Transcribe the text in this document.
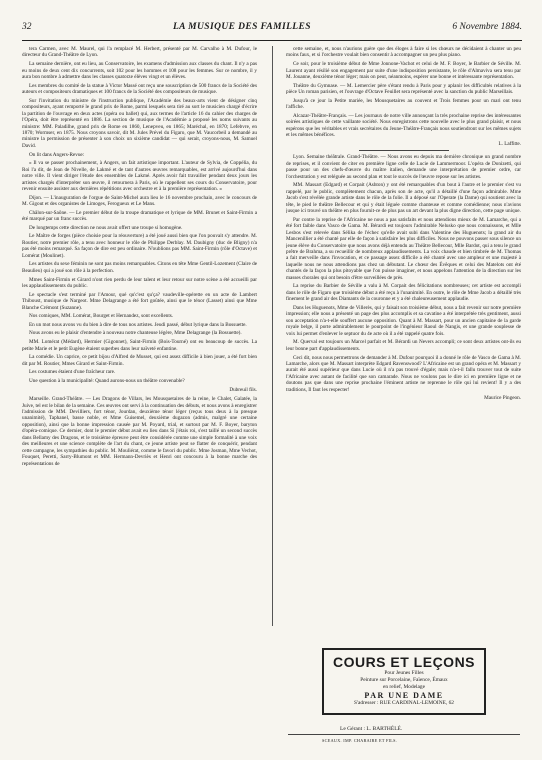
32	LA MUSIQUE DES FAMILLES	6 Novembre 1884.

tera Carmen, avec M. Maurel, qui l'a remplacé M. Herbert, présenté par M. Carvalho à M. Dufour, le directeur du Grand-Théâtre de Lyon.

La semaine dernière, ont eu lieu, au Conservatoire, les examens d'admission aux classes du chant. Il n'y a pas eu moins de deux cent dix concurrents, soit 102 pour les hommes et 108 pour les femmes. Sur ce nombre, il y aura bon nombre à admettre dans les classes quatorze élèves vingt et un élèves.

Les membres du comité de la statue à Victor Massé ont reçu une souscription de 500 francs de la Société des auteurs et compositeurs dramatiques et 100 francs de la Société des compositeurs de musique.

Sur l'invitation du ministre de l'instruction publique, l'Académie des beaux-arts vient de désigner cinq compositeurs, ayant remporté le grand prix de Rome, parmi lesquels sera tiré au sort le musicien chargé d'écrire la partition de l'ouvrage en deux actes (opéra ou ballet) qui, aux termes de l'article 16 du cahier des charges de l'Opéra, doit être représenté en 1886. La section de musique de l'Académie a proposé les noms suivants au ministre: MM. Paladilhe, grand prix de Rome en 1860, Lenepveu, en 1865; Maréchal, en 1870; Lefebvre, en 1870; Wormser, en 1875. Nous croyons savoir, dit M. Jules Prével du Figaro, que M. Vaucorbeil a demandé au ministre la permission de présenter à son choix un sixième candidat — qui serait, croyons-nous, M. Samuel David.

On lit dans Angers-Revue:

« Il va se passer prochainement, à Angers, un fait artistique important. L'auteur de Sylvia, de Coppélia, du Roi l'a dit, de Jean de Nivelle, de Lakmé et de tant d'autres œuvres remarquables, est arrivé aujourd'hui dans notre ville. Il vient diriger l'étude des ensembles de Lakmé. Après avoir fait travailler pendant deux jours les artistes chargés d'interpréter son œuvre, il retournera à Paris, où le rappellent ses cours du Conservatoire, pour revenir ensuite assister aux dernières répétitions avec orchestre et à la première représentation. »

Dijon. — L'inauguration de l'orgue de Saint-Michel aura lieu le 16 novembre prochain, avec le concours de M. Gigout et des organistes de Limoges, Ferogueux et Le Mans.

Châlon-sur-Saône. — Le premier début de la troupe dramatique et lyrique de MM. Brunet et Saint-Firmin a été marqué par un franc succès.

De longtemps cette direction ne nous avait offert une troupe si homogène.

Le Maître de forges (pièce choisie pour la réouverture) a été joué aussi bien que l'on pouvait s'y attendre. M. Routier, notre premier rôle, a tenu avec honneur le rôle de Philippe Derblay. M. Daubigny (duc de Bligny) n'a pas été moins remarqué. Sa façon de dire est peu ordinaire. N'oublions pas MM. Saint-Firmin (rôle d'Octave) et Lomérat (Moulinet).

Les artistes du sexe féminin ne sont pas moins remarquables. Citons en tête Mme Gentil-Lozement (Claire de Beaulieu) qui a joué son rôle à la perfection.

Mmes Saint-Firmin et Girard n'ont rien perdu de leur talent et leur retour sur notre scène a été accueilli par les applaudissements du public.

Le spectacle s'est terminé par l'Amour, qué qu'c'est qu'ça? vaudeville-opérette en un acte de Lambert Thiboust, musique de Nargeot. Mme Delagrange a été fort goûtée, ainsi que le ténor (Lasset) ainsi que Mme Blanche Crémont (Suzanne).

Nos comiques, MM. Lomérat, Bourget et Hernandez, sont excellents.

En un mot nous avons vu du bien à dire de tous nos artistes. Jeudi passé, début lyrique dans la Bossuette.

Nous avons eu le plaisir d'entendre à nouveau notre chanteuse légère, Mme Delagrange (la Bossuette).

MM. Lomérat (Médard), Hermier (Gigonnet), Saint-Firmin (Bois-Tourné) ont eu beaucoup de succès. La petite Marie et le petit Eugène étaient superbes dans leur naïveté enfantine.

La comédie. Un caprice, ce petit bijou d'Alfred de Musset, qui est assez difficile à bien jouer, a été fort bien dit par M. Routier, Mmes Girard et Saint-Firmin.

Les costumes étaient d'une fraîcheur rare.

Une question à la municipalité: Quand aurons-nous un théâtre convenable?

Dubreuil fils.

Marseille. Grand-Théâtre. — Les Dragons de Villars, les Mousquetaires de la reine, le Chalet, Galatée, la Juive, tel est le bilan de la semaine. Ces œuvres ont servi à la continuation des débuts, et nous avons à enregistrer l'admission de MM. Devilliers, fort ténor, Jourdan, deuxième ténor léger (reçus tous deux à la presque unanimité), Taphanel, basse noble, et Mme Guisemel, deuxième dugazon (admis, malgré une certaine opposition), ainsi que la bonne impression causée par M. Poyard, trial, et surtout par M. F. Boyer, baryton d'opéra-comique. Ce dernier, dont le premier début avait eu lieu dans Si j'étais roi, s'est taillé un second succès dans Bellamy des Dragons, et le troisième épreuve peut être considérée comme une simple formalité à une voix des meilleures et une science complète de l'art du chant, ce jeune artiste peut se flatter de conquérir, pendant cette campagne, les sympathies du public. M. Mouliérat, comme le favori du public. Mme Josman, Mme Vechot, Fouquet, Peretti, Sarry-Blumont et MM. Hermann-Devriès et Henri ont concouru à la bonne marche des représentations de

cette semaine, et, nous n'aurions guère que des éloges à faire si les chœurs ne décidaient à chanter un peu moins faux, et si l'orchestre voulait bien consentir à accompagner un peu plus piano.

Ce soir, pour le troisième début de Mme Jonnone-Vachot et celui de M. F. Boyer, le Barbier de Séville. M. Laurent ayant résilié son engagement par suite d'une indisposition persistante, le rôle d'Almaviva sera tenu par M. Jouanne, deuxième ténor léger; mais on peut, néanmoins, espérer une bonne et intéressante représentation.

Théâtre du Gymnase. — M. Lemercier père s'étant rendu à Paris pour y aplanir les difficultés relatives à la pièce Un roman parisien, et l'ouvrage d'Octave Feuillet sera représenté avec la sanction du public Marseillais.

Jusqu'à ce jour la Petite mariée, les Mousquetaires au couvent et Trois femmes pour un mari ont tenu l'affiche.

Alcazar-Théâtre-Français. — Les journaux de notre ville annonçant la très prochaine reprise des intéressantes soirées artistiques de cette vaillante société. Nous enregistrons cette nouvelle avec le plus grand plaisir, et nous espérons que les véritables et vrais secrétaires du Jeune-Théâtre-Français nous soutiendront sur les mêmes sujets et les mêmes bénéfices.

L. Laffitte.

Lyon. Semaine théâtrale. Grand-Théâtre. — Nous avons eu depuis ma dernière chronique un grand nombre de reprises, et il convient de citer en première ligne celle de Lucie de Lammermoor. L'opéra de Donizetti, qui passe pour un des chefs-d'œuvre du maître italien, demande une interprétation de premier ordre, car l'orchestration y est reléguée au second plan et tout le succès de l'œuvre repose sur les artistes.

MM. Massart (Edgard) et Corpait (Ashton) y ont été remarquables d'un bout à l'autre et le premier s'est vu rappelé, par le public, complètement chacun, après son 4e acte, qu'il a détaillé d'une façon admirable. Mme Jacob s'est révélée grande artiste dans le rôle de la folie. Il a déposé sur l'Operate (la Dame) qui soutient avec la tête, le pied le théâtre Bellecour et qui y était léguée comme chanteuse et comme comédienne; nous n'avions jusque ici trouvé un théâtre en plus fournit-ce de plus pas un art devant la plus digne direction, cette page unique.

Par contre la reprise de l'Africaine ne nous a pas satisfaits et nous attendions mieux de M. Lamarche, qui a été fort faible dans Vasco de Gama. M. Bérardi est toujours l'admirable Nelusko que nous connaissons, et Mlle Lesbos s'est relevée dans Sélika de l'échec qu'elle avait subi dans Valentine des Huguenots; la grand air du Mancenillier a été chanté par elle de façon à satisfaire les plus difficiles. Nous ne pouvons passer sous silence un jeune élève du Conservatoire que nous avons déjà entendu au Théâtre Bellecour, Mlle Bardot, qui a tenu le grand prêtre de Brahma, a su recueillir de nombreux applaudissements. La voix chaude et bien timbrée de M. Thomas a fait merveille dans l'invocation, et ce passage assez difficile a été chanté avec une ampleur et une majesté à laquelle nous ne nous attendions pas chez un débutant. Le chœur des Évêques et celui des Matelots ont été chantés de la façon la plus pitoyable que l'on puisse imaginer, et nous appelons l'attention de la direction sur les masses chorales qui ont besoin d'être surveillées de près.

La reprise du Barbier de Séville a valu à M. Corpait des félicitations nombreuses; cet artiste est accompli dans le rôle de Figaro que troisième début a été reçu à l'unanimité. En outre, le rôle de Mme Jacob a détaillé très finement le grand air des Diamants de la couronne et y a été chaleureusement applaudie.

Dans les Huguenots, Mme de Villerès, qui y faisait son troisième début, nous a fait revenir sur notre première impression; elle nous a présenté un page des plus accomplis et sa cavatine a été interprétée très gentiment, aussi son acceptation n'a-t-elle souffert aucune opposition. Quant à M. Massart, pour un ancien capitaine de la garde royale belge, il porte admirablement le pourpoint de l'ingénieur Raoul de Nangis, et une grande souplesse de voix lui permet d'enlever le septuor du 4e acte où il a été rappelé quatre fois.

M. Querval est toujours un Marcel parfait et M. Bérardi un Nevers accompli; ce sont deux artistes ont-ils eu leur bonne part d'applaudissements.

Ceci dit, nous nous permettrons de demander à M. Dufour pourquoi il a donné le rôle de Vasco de Gama à M. Lamarche, alors que M. Massart interprète Edgard Ravenswood? L'Africaine est un grand opéra et M. Massart y aurait été aussi supérieur que dans Lucie où il n'a pas trouvé d'égale; mais n'a-t-il fallu trouver tout de suite l'Africaine avec autant de facilité que son camarade. Nous ne voulons pas le dire ici en première ligne et ne doutons pas que dans une reprise prochaine l'éminent artiste ne reprenne le rôle qui lui revient! Il y a des traditions, Il faut les respecter!

Maurice Pingeon.
COURS ET LEÇONS
Pour Jeunes Filles
Peinture sur Porcelaine, Faïence, Émaux
en relief, Modelage
PAR UNE DAME
S'adresser : RUE CARDINAL-LEMOINE, 62
Le Gérant : L. BARTHÉLÉ.
SCEAUX. IMP. CHARAIRE ET FILS.
